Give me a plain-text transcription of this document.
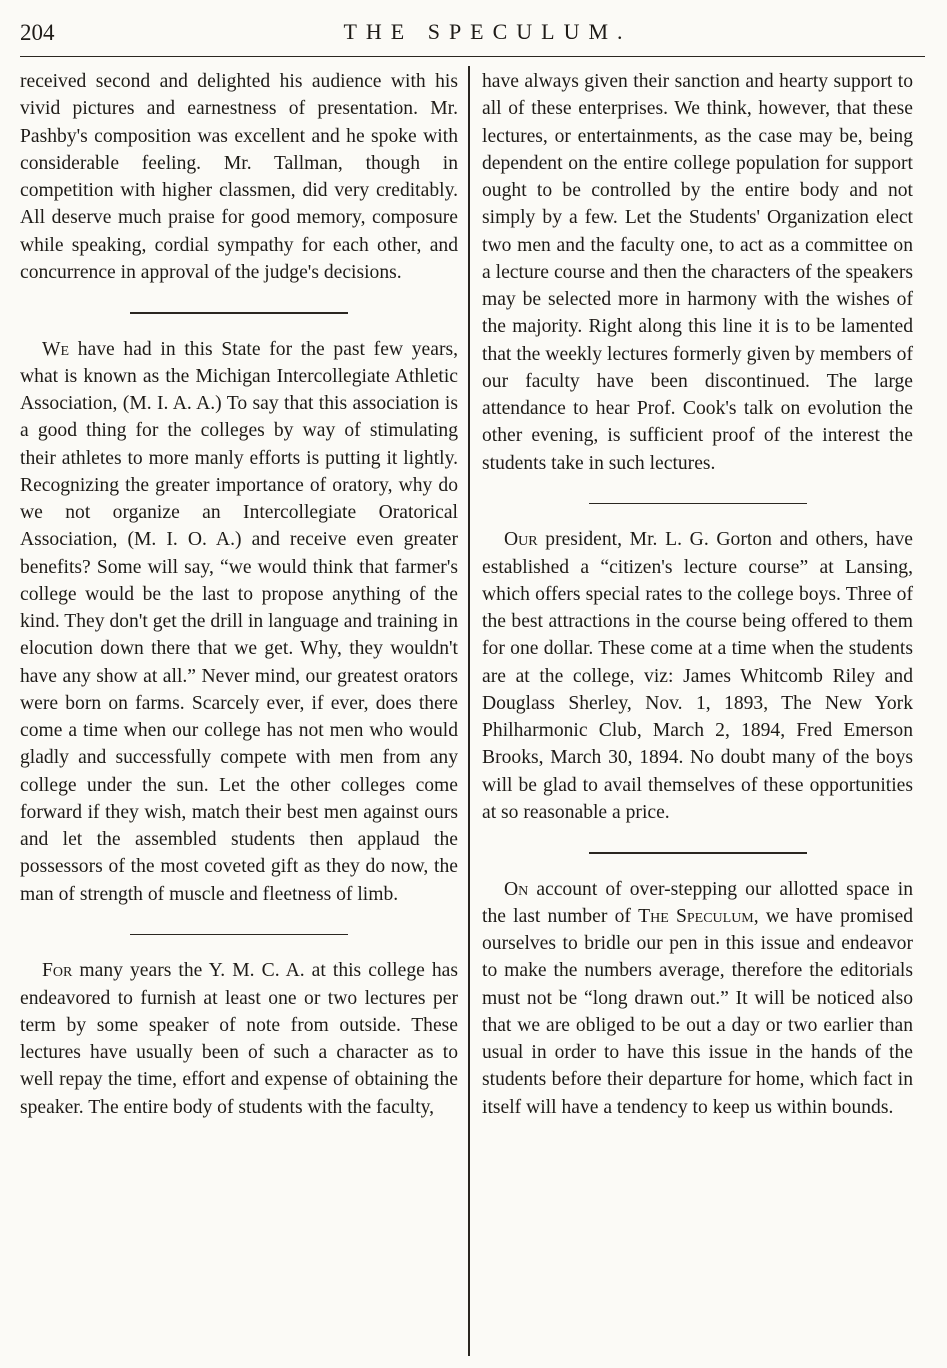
204	THE SPECULUM.

received second and delighted his audience with his vivid pictures and earnestness of presentation. Mr. Pashby's composition was excellent and he spoke with considerable feeling. Mr. Tallman, though in competition with higher classmen, did very creditably. All deserve much praise for good memory, composure while speaking, cordial sympathy for each other, and concurrence in approval of the judge's decisions.

We have had in this State for the past few years, what is known as the Michigan Intercollegiate Athletic Association, (M. I. A. A.) To say that this association is a good thing for the colleges by way of stimulating their athletes to more manly efforts is putting it lightly. Recognizing the greater importance of oratory, why do we not organize an Intercollegiate Oratorical Association, (M. I. O. A.) and receive even greater benefits? Some will say, “we would think that farmer's college would be the last to propose anything of the kind. They don't get the drill in language and training in elocution down there that we get. Why, they wouldn't have any show at all.” Never mind, our greatest orators were born on farms. Scarcely ever, if ever, does there come a time when our college has not men who would gladly and successfully compete with men from any college under the sun. Let the other colleges come forward if they wish, match their best men against ours and let the assembled students then applaud the possessors of the most coveted gift as they do now, the man of strength of muscle and fleetness of limb.

For many years the Y. M. C. A. at this college has endeavored to furnish at least one or two lectures per term by some speaker of note from outside. These lectures have usually been of such a character as to well repay the time, effort and expense of obtaining the speaker. The entire body of students with the faculty,

have always given their sanction and hearty support to all of these enterprises. We think, however, that these lectures, or entertainments, as the case may be, being dependent on the entire college population for support ought to be controlled by the entire body and not simply by a few. Let the Students' Organization elect two men and the faculty one, to act as a committee on a lecture course and then the characters of the speakers may be selected more in harmony with the wishes of the majority. Right along this line it is to be lamented that the weekly lectures formerly given by members of our faculty have been discontinued. The large attendance to hear Prof. Cook's talk on evolution the other evening, is sufficient proof of the interest the students take in such lectures.

Our president, Mr. L. G. Gorton and others, have established a “citizen's lecture course” at Lansing, which offers special rates to the college boys. Three of the best attractions in the course being offered to them for one dollar. These come at a time when the students are at the college, viz: James Whitcomb Riley and Douglass Sherley, Nov. 1, 1893, The New York Philharmonic Club, March 2, 1894, Fred Emerson Brooks, March 30, 1894. No doubt many of the boys will be glad to avail themselves of these opportunities at so reasonable a price.

On account of over-stepping our allotted space in the last number of The Speculum, we have promised ourselves to bridle our pen in this issue and endeavor to make the numbers average, therefore the editorials must not be “long drawn out.” It will be noticed also that we are obliged to be out a day or two earlier than usual in order to have this issue in the hands of the students before their departure for home, which fact in itself will have a tendency to keep us within bounds.
